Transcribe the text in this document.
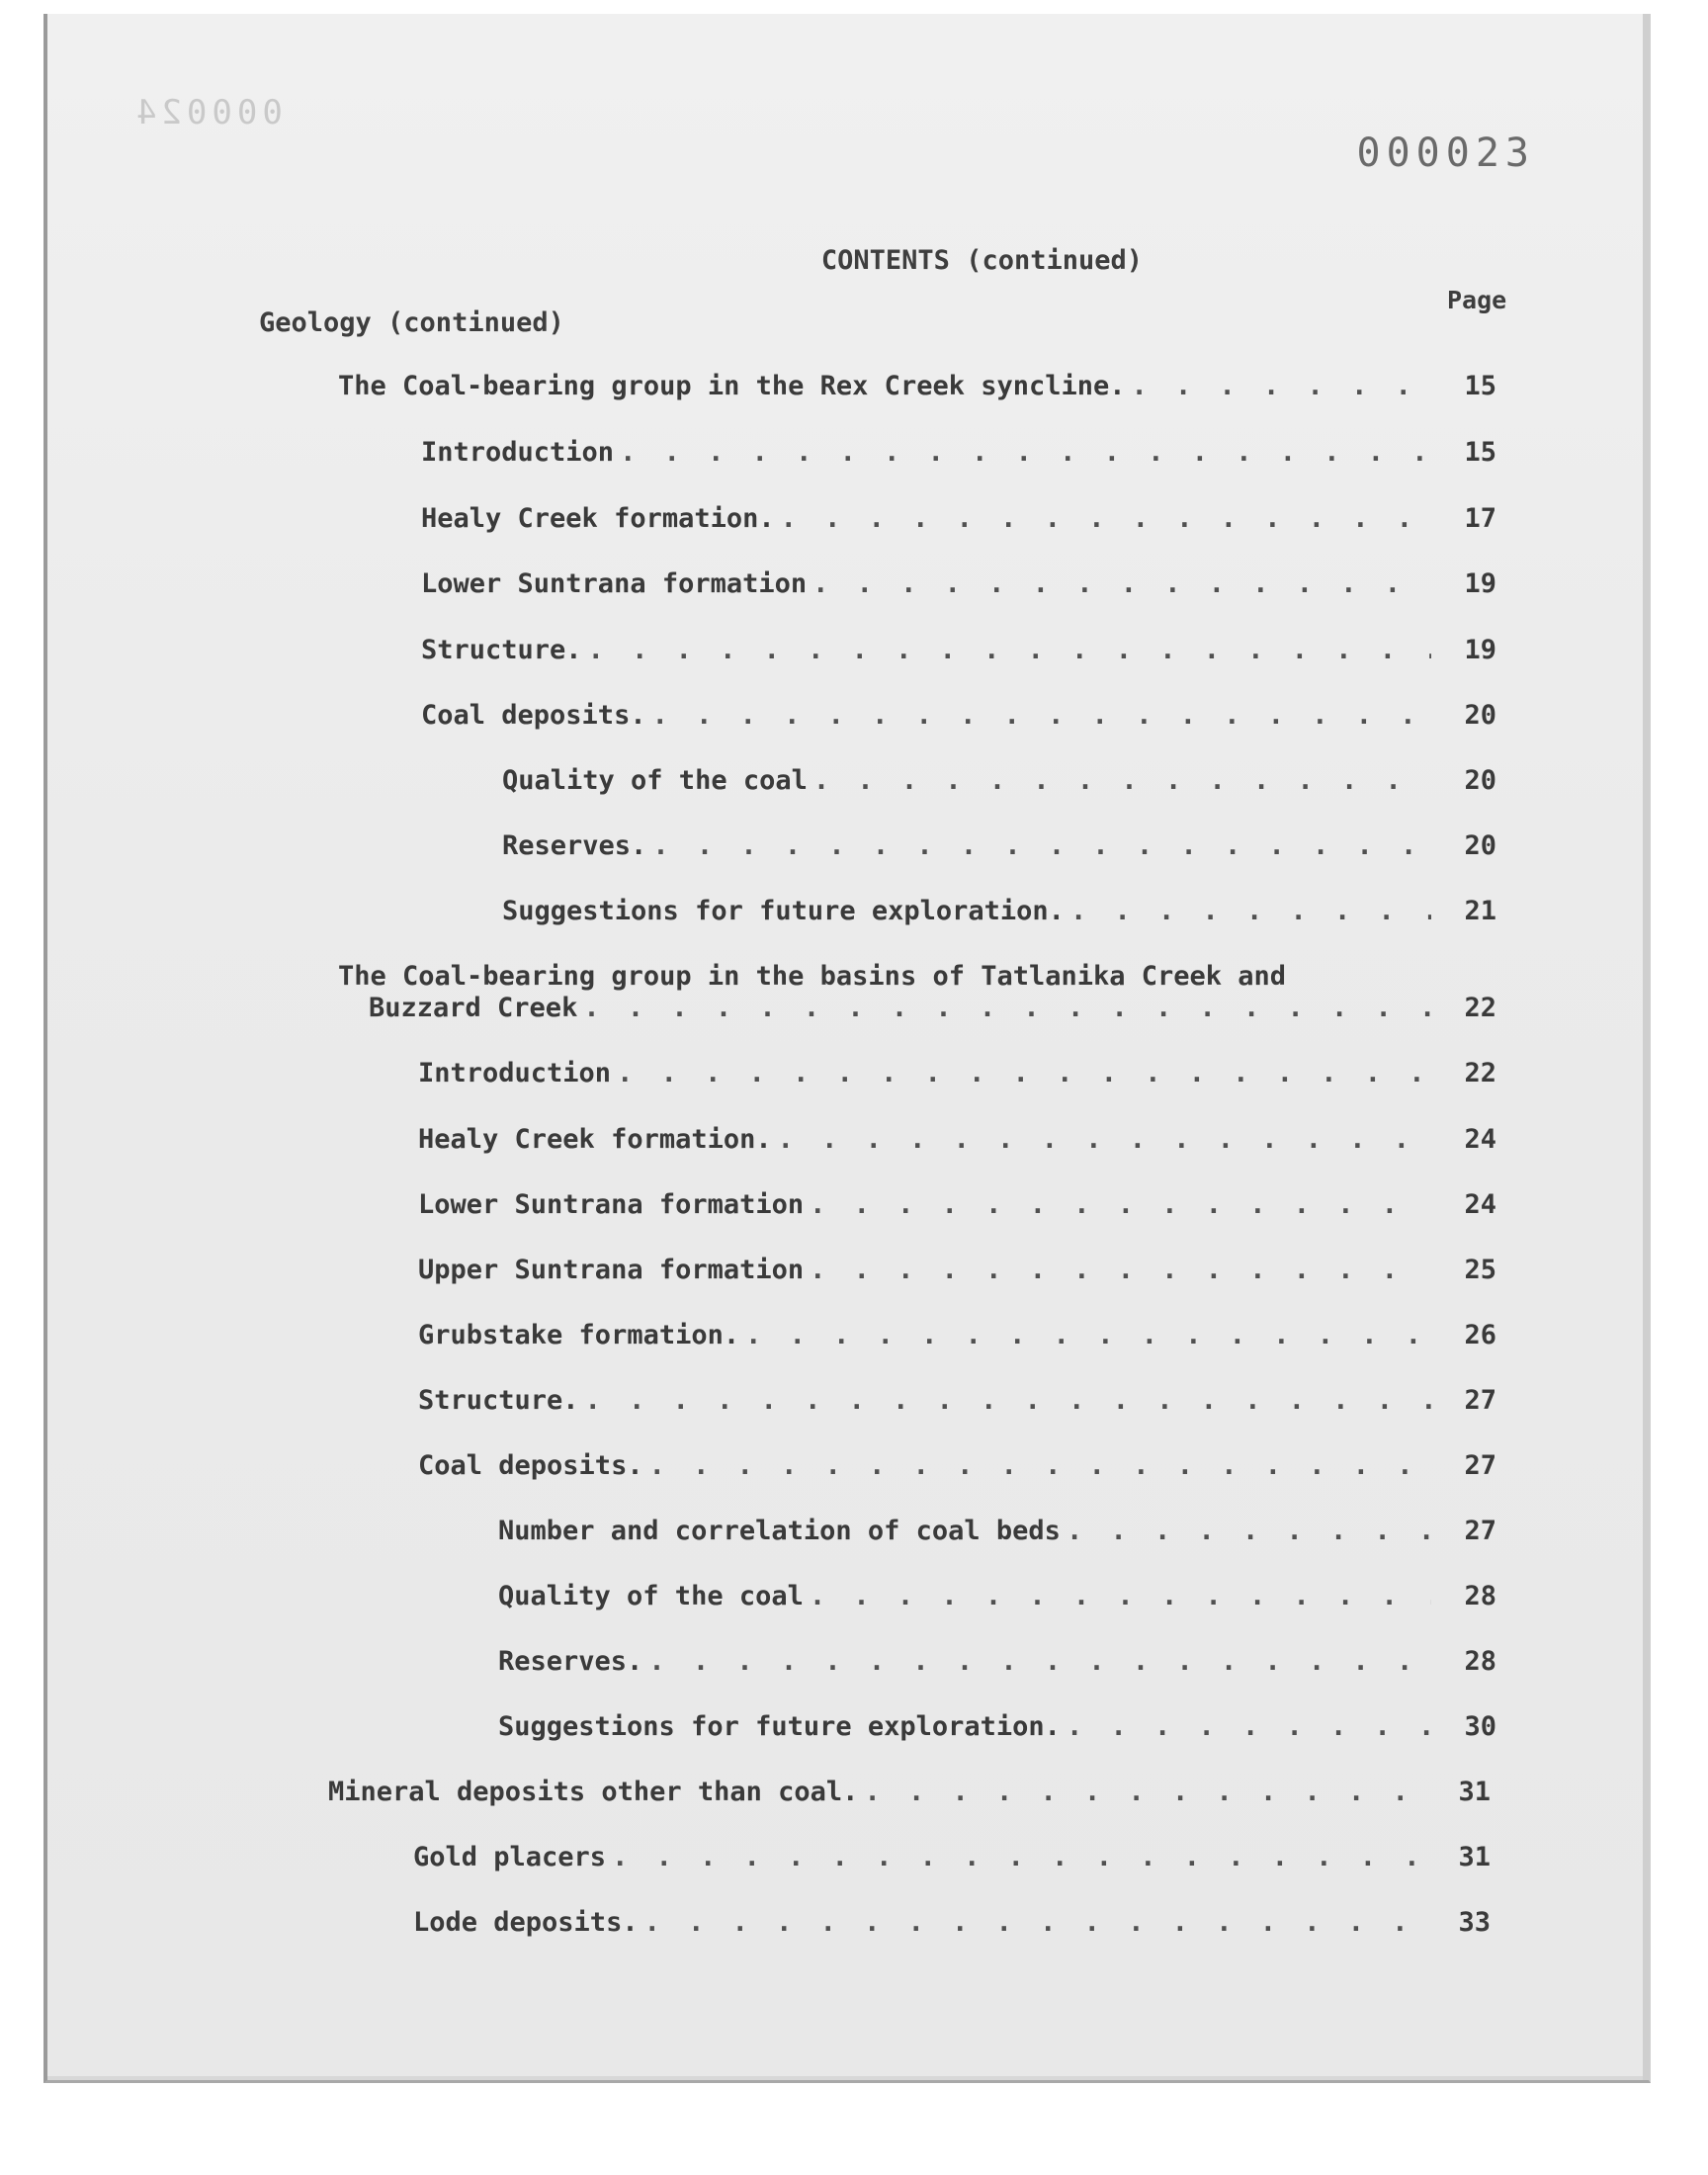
000024
000023
CONTENTS (continued)
Geology (continued)
Page
The Coal-bearing group in the Rex Creek syncline. . . .	15
Introduction . . .	15
Healy Creek formation. . . .	17
Lower Suntrana formation . . .	19
Structure. . . .	19
Coal deposits. . . .	20
Quality of the coal . . .	20
Reserves. . . .	20
Suggestions for future exploration. . . .	21
The Coal-bearing group in the basins of Tatlanika Creek and
Buzzard Creek . . .	22
Introduction . . .	22
Healy Creek formation. . . .	24
Lower Suntrana formation . . .	24
Upper Suntrana formation . . .	25
Grubstake formation. . . .	26
Structure. . . .	27
Coal deposits. . . .	27
Number and correlation of coal beds . . .	27
Quality of the coal . . .	28
Reserves. . . .	28
Suggestions for future exploration. . . .	30
Mineral deposits other than coal. . . .	31
Gold placers . . .	31
Lode deposits. . . .	33
